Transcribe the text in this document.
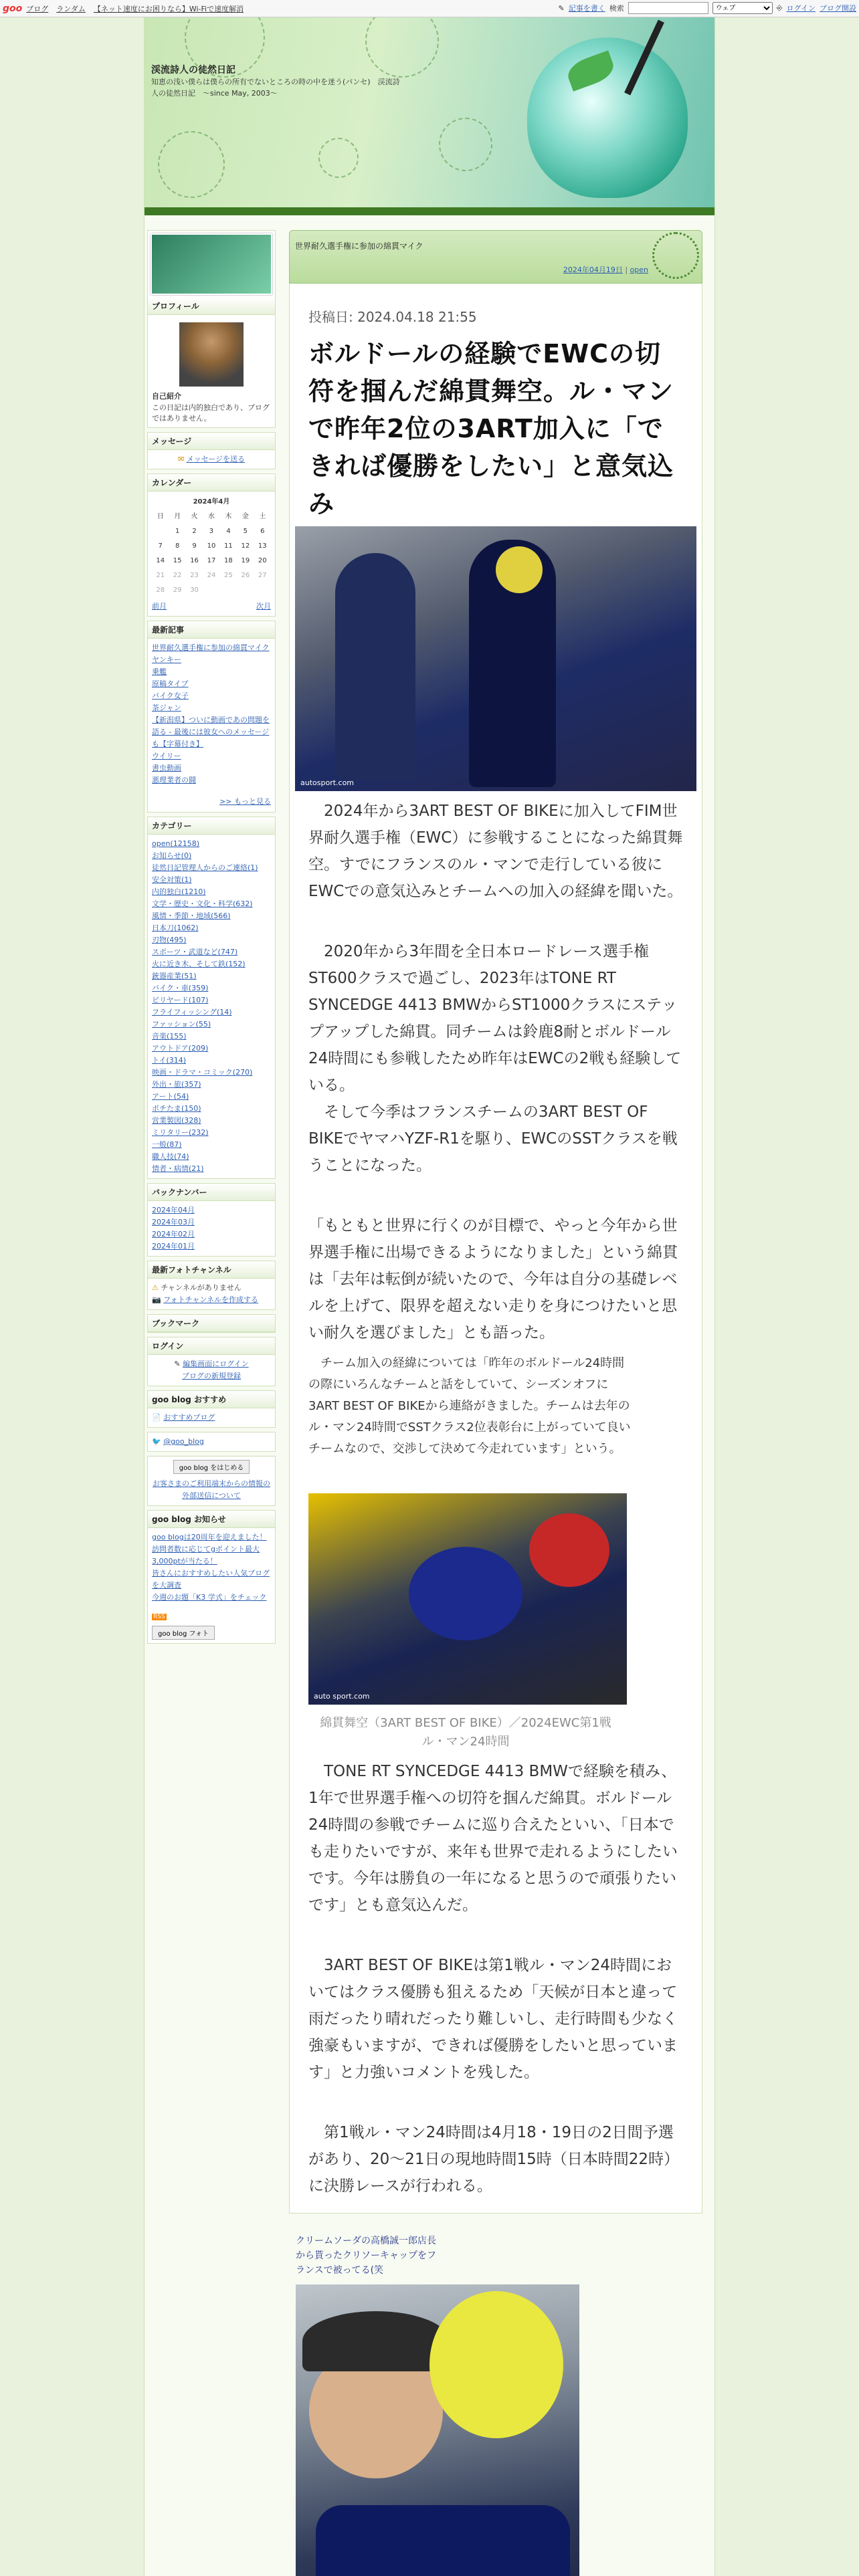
goo ブログ ランダム 【ネット速度にお困りなら】Wi-Fiで速度解消	✎ 記事を書く 検索
ウェブ	⎆ ログイン ブログ開設
渓流詩人の徒然日記
知恵の浅い僕らは僕らの所有でないところの時の中を迷う(パンセ)　渓流詩人の徒然日記　〜since May, 2003〜
プロフィール
自己紹介
この日記は内的独白であり、ブログではありません。
メッセージ
✉ メッセージを送る
カレンダー
2024年4月						
日	月	火	水	木	金	土
	1	2	3	4	5	6
7	8	9	10	11	12	13
14	15	16	17	18	19	20
21	22	23	24	25	26	27
28	29	30				
前月	次月
最新記事
世界耐久選手権に参加の綿貫マイク
ヤンキー
乗艦
原稿タイプ
バイク女子
茶ジャン
【新潟県】ついに動画であの問題を語る - 最後には彼女へのメッセージも【字幕付き】
ウイリー
書虫動画
悪理業者の闘
>> もっと見る
カテゴリー
open(12158)
お知らせ(0)
徒然日記管理人からのご連絡(1)
安全対策(1)
内的独白(1210)
文学・歴史・文化・科学(632)
風情・季節・地域(566)
日本刀(1062)
刃物(495)
スポーツ・武道など(747)
火に近き木、そして鉄(152)
銃器産業(51)
バイク・車(359)
ビリヤード(107)
フライフィッシング(14)
ファッション(55)
音楽(155)
アウトドア(209)
トイ(314)
映画・ドラマ・コミック(270)
外出・旅(357)
アート(54)
ポチたま(150)
営業製図(328)
ミリタリー(232)
一般(87)
職人技(74)
情者・病情(21)
バックナンバー
2024年04月
2024年03月
2024年02月
2024年01月
最新フォトチャンネル
⚠ チャンネルがありません
📷 フォトチャンネルを作成する
ブックマーク
ログイン
✎ 編集画面にログイン
ブログの新規登録
goo blog おすすめ
📄 おすすめブログ
🐦 @goo_blog
goo blog をはじめる
お客さまのご利用端末からの情報の外部送信について
goo blog お知らせ
goo blogは20周年を迎えました！
訪問者数に応じてgポイント最大3,000ptが当たる！
皆さんにおすすめしたい人気ブログを大調査
今週のお題「K3 学式」をチェック
RSS
goo blog フォト
世界耐久選手権に参加の綿貫マイク
2024年04月19日 | open
投稿日: 2024.04.18 21:55
ボルドールの経験でEWCの切符を掴んだ綿貫舞空。ル・マンで昨年2位の3ART加入に「できれば優勝をしたい」と意気込み
autosport.com
　2024年から3ART BEST OF BIKEに加入してFIM世界耐久選手権（EWC）に参戦することになった綿貫舞空。すでにフランスのル・マンで走行している彼にEWCでの意気込みとチームへの加入の経緯を聞いた。
　2020年から3年間を全日本ロードレース選手権ST600クラスで過ごし、2023年はTONE RT SYNCEDGE 4413 BMWからST1000クラスにステップアップした綿貫。同チームは鈴鹿8耐とボルドール24時間にも参戦したため昨年はEWCの2戦も経験している。
　そして今季はフランスチームの3ART BEST OF BIKEでヤマハYZF-R1を駆り、EWCのSSTクラスを戦うことになった。
「もともと世界に行くのが目標で、やっと今年から世界選手権に出場できるようになりました」という綿貫は「去年は転倒が続いたので、今年は自分の基礎レベルを上げて、限界を超えない走りを身につけたいと思い耐久を選びました」とも語った。
　チーム加入の経緯については「昨年のボルドール24時間の際にいろんなチームと話をしていて、シーズンオフに3ART BEST OF BIKEから連絡がきました。チームは去年のル・マン24時間でSSTクラス2位表彰台に上がっていて良いチームなので、交渉して決めて今走れています」という。
auto sport.com
綿貫舞空（3ART BEST OF BIKE）／2024EWC第1戦ル・マン24時間
　TONE RT SYNCEDGE 4413 BMWで経験を積み、1年で世界選手権への切符を掴んだ綿貫。ボルドール24時間の参戦でチームに巡り合えたといい、「日本でも走りたいですが、来年も世界で走れるようにしたいです。今年は勝負の一年になると思うので頑張りたいです」とも意気込んだ。
　3ART BEST OF BIKEは第1戦ル・マン24時間においてはクラス優勝も狙えるため「天候が日本と違って雨だったり晴れだったり難しいし、走行時間も少なく強豪もいますが、できれば優勝をしたいと思っています」と力強いコメントを残した。
　第1戦ル・マン24時間は4月18・19日の2日間予選があり、20〜21日の現地時間15時（日本時間22時）に決勝レースが行われる。
クリームソーダの高橋誠一郎店長から貰ったクリソーキャップをフランスで被ってる(笑
